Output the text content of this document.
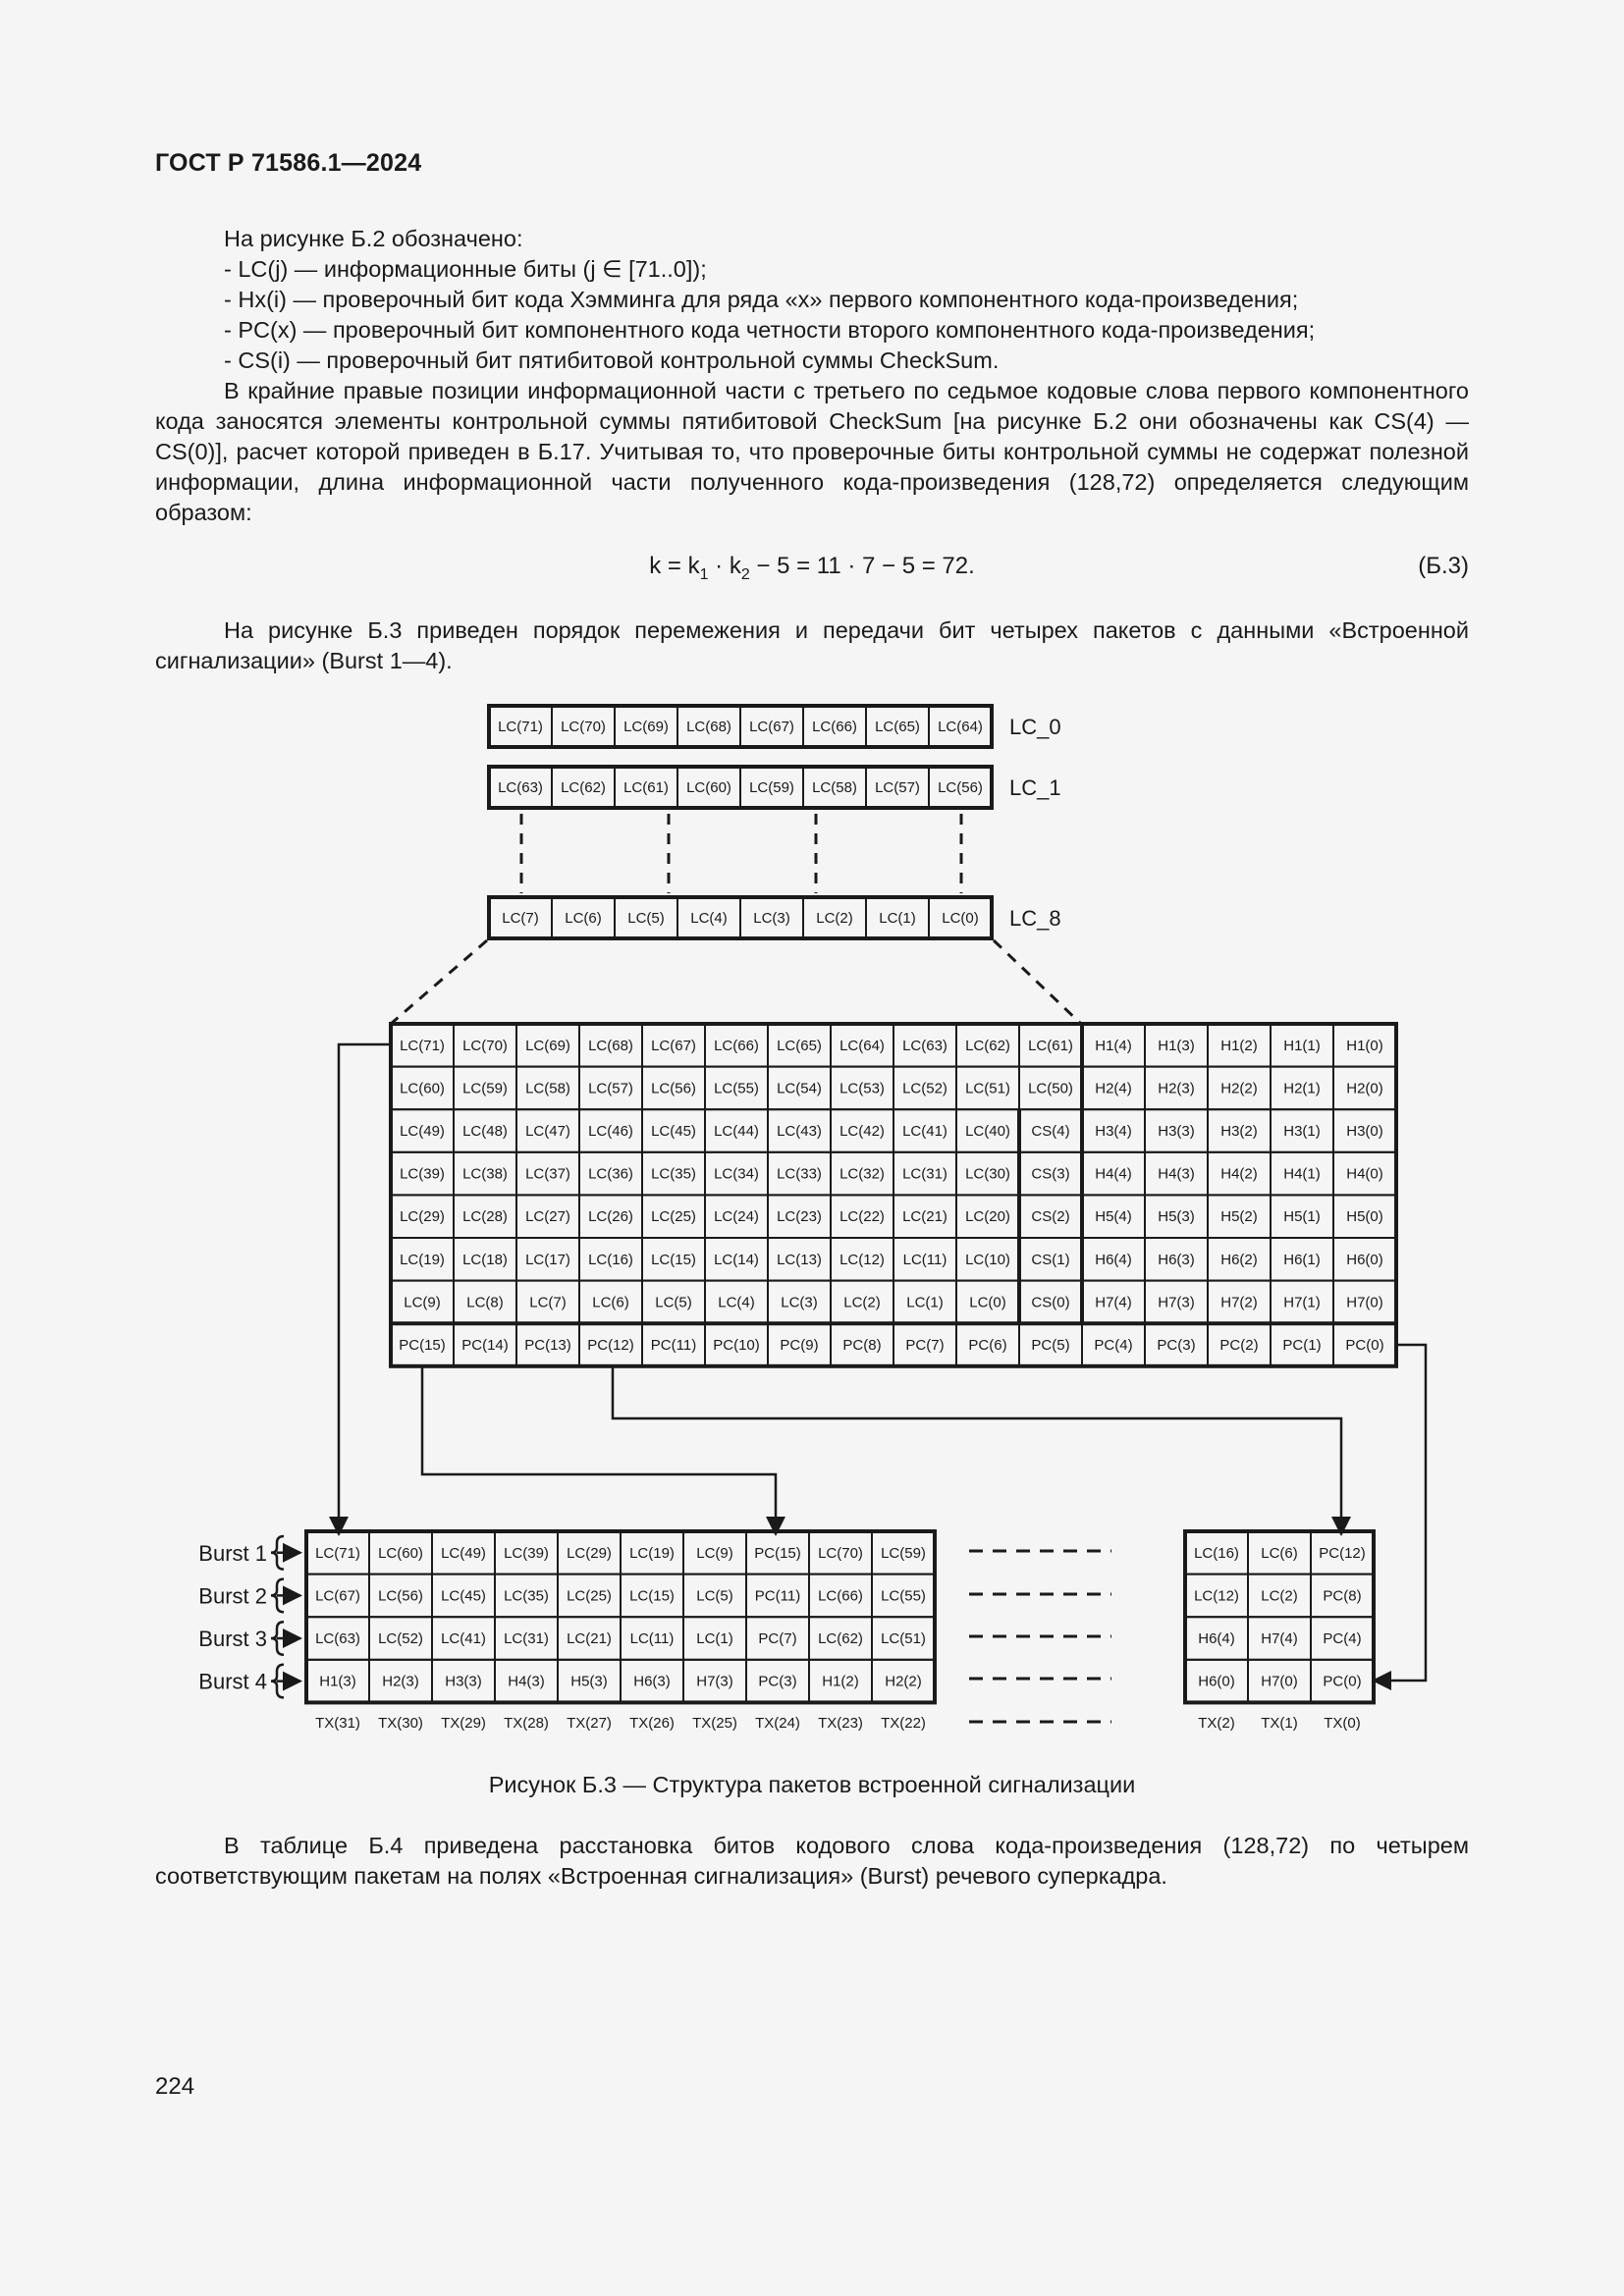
ГОСТ Р 71586.1—2024
На рисунке Б.2 обозначено:
- LC(j) — информационные биты (j ∈ [71..0]);
- Hx(i) — проверочный бит кода Хэмминга для ряда «x» первого компонентного кода-произведения;
- PC(x) — проверочный бит компонентного кода четности второго компонентного кода-произведения;
- CS(i) — проверочный бит пятибитовой контрольной суммы CheckSum.

В крайние правые позиции информационной части с третьего по седьмое кодовые слова первого компонентного кода заносятся элементы контрольной суммы пятибитовой CheckSum [на рисунке Б.2 они обозначены как CS(4) — CS(0)], расчет которой приведен в Б.17. Учитывая то, что проверочные биты контрольной суммы не содержат полезной информации, длина информационной части полученного кода-произведения (128,72) определяется следующим образом:

$k = k_1 \cdot k_2 - 5 = 11 \cdot 7 - 5 = 72$.	(Б.3)

На рисунке Б.3 приведен порядок перемежения и передачи бит четырех пакетов с данными «Встроенной сигнализации» (Burst 1—4).

LC(71) LC(70) LC(69) LC(68) LC(67) LC(66) LC(65) LC(64) LC_0
LC(63) LC(62) LC(61) LC(60) LC(59) LC(58) LC(57) LC(56) LC_1
LC(7) LC(6) LC(5) LC(4) LC(3) LC(2) LC(1) LC(0) LC_8
LC(71) LC(70) LC(69) LC(68) LC(67) LC(66) LC(65) LC(64) LC(63) LC(62) LC(61) H1(4) H1(3) H1(2) H1(1) H1(0)
LC(60) LC(59) LC(58) LC(57) LC(56) LC(55) LC(54) LC(53) LC(52) LC(51) LC(50) H2(4) H2(3) H2(2) H2(1) H2(0)
LC(49) LC(48) LC(47) LC(46) LC(45) LC(44) LC(43) LC(42) LC(41) LC(40) CS(4) H3(4) H3(3) H3(2) H3(1) H3(0)
LC(39) LC(38) LC(37) LC(36) LC(35) LC(34) LC(33) LC(32) LC(31) LC(30) CS(3) H4(4) H4(3) H4(2) H4(1) H4(0)
LC(29) LC(28) LC(27) LC(26) LC(25) LC(24) LC(23) LC(22) LC(21) LC(20) CS(2) H5(4) H5(3) H5(2) H5(1) H5(0)
LC(19) LC(18) LC(17) LC(16) LC(15) LC(14) LC(13) LC(12) LC(11) LC(10) CS(1) H6(4) H6(3) H6(2) H6(1) H6(0)
LC(9) LC(8) LC(7) LC(6) LC(5) LC(4) LC(3) LC(2) LC(1) LC(0) CS(0) H7(4) H7(3) H7(2) H7(1) H7(0)
PC(15) PC(14) PC(13) PC(12) PC(11) PC(10) PC(9) PC(8) PC(7) PC(6) PC(5) PC(4) PC(3) PC(2) PC(1) PC(0)
LC(71) LC(60) LC(49) LC(39) LC(29) LC(19) LC(9) PC(15) LC(70) LC(59)
LC(67) LC(56) LC(45) LC(35) LC(25) LC(15) LC(5) PC(11) LC(66) LC(55)
LC(63) LC(52) LC(41) LC(31) LC(21) LC(11) LC(1) PC(7) LC(62) LC(51)
H1(3) H2(3) H3(3) H4(3) H5(3) H6(3) H7(3) PC(3) H1(2) H2(2)
LC(16) LC(6) PC(12)
LC(12) LC(2) PC(8)
H6(4) H7(4) PC(4)
H6(0) H7(0) PC(0)
Burst 1
Burst 2
Burst 3
Burst 4
TX(31) TX(30) TX(29) TX(28) TX(27) TX(26) TX(25) TX(24) TX(23) TX(22)	TX(2) TX(1) TX(0)
Рисунок Б.3 — Структура пакетов встроенной сигнализации

В таблице Б.4 приведена расстановка битов кодового слова кода-произведения (128,72) по четырем соответствующим пакетам на полях «Встроенная сигнализация» (Burst) речевого суперкадра.

224
